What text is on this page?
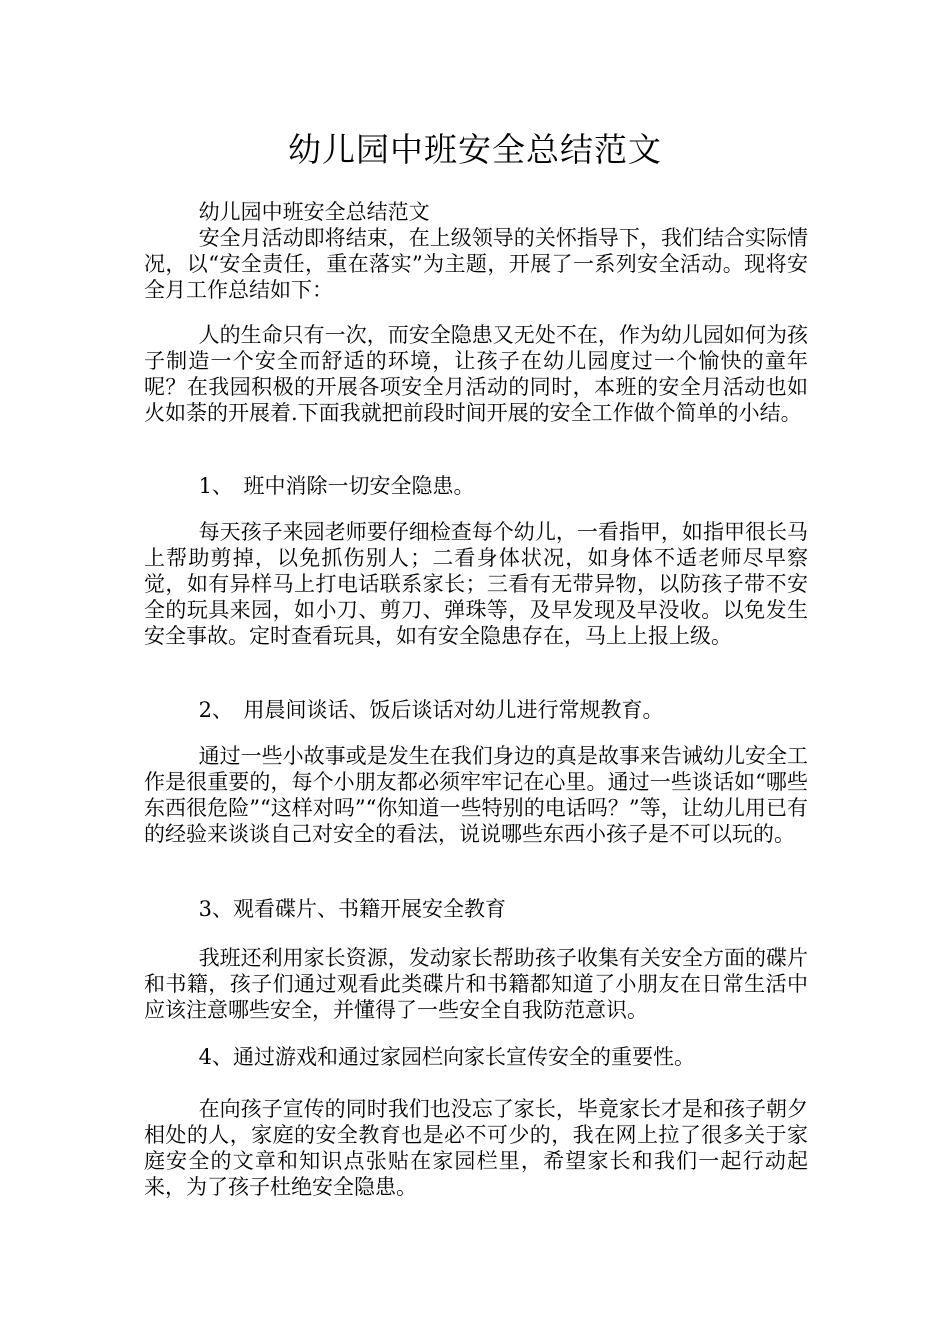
幼儿园中班安全总结范文
幼儿园中班安全总结范文
安全月活动即将结束，在上级领导的关怀指导下，我们结合实际情况，以“安全责任，重在落实”为主题，开展了一系列安全活动。现将安全月工作总结如下：
人的生命只有一次，而安全隐患又无处不在，作为幼儿园如何为孩子制造一个安全而舒适的环境，让孩子在幼儿园度过一个愉快的童年呢？在我园积极的开展各项安全月活动的同时，本班的安全月活动也如火如荼的开展着.下面我就把前段时间开展的安全工作做个简单的小结。
1、　班中消除一切安全隐患。
每天孩子来园老师要仔细检查每个幼儿，一看指甲，如指甲很长马上帮助剪掉，以免抓伤别人；二看身体状况，如身体不适老师尽早察觉，如有异样马上打电话联系家长；三看有无带异物，以防孩子带不安全的玩具来园，如小刀、剪刀、弹珠等，及早发现及早没收。以免发生安全事故。定时查看玩具，如有安全隐患存在，马上上报上级。
2、　用晨间谈话、饭后谈话对幼儿进行常规教育。
通过一些小故事或是发生在我们身边的真是故事来告诫幼儿安全工作是很重要的，每个小朋友都必须牢牢记在心里。通过一些谈话如“哪些东西很危险”“这样对吗”“你知道一些特别的电话吗？”等，让幼儿用已有的经验来谈谈自己对安全的看法，说说哪些东西小孩子是不可以玩的。
3、观看碟片、书籍开展安全教育
我班还利用家长资源，发动家长帮助孩子收集有关安全方面的碟片和书籍，孩子们通过观看此类碟片和书籍都知道了小朋友在日常生活中应该注意哪些安全，并懂得了一些安全自我防范意识。
4、通过游戏和通过家园栏向家长宣传安全的重要性。
在向孩子宣传的同时我们也没忘了家长，毕竟家长才是和孩子朝夕相处的人，家庭的安全教育也是必不可少的，我在网上拉了很多关于家庭安全的文章和知识点张贴在家园栏里，希望家长和我们一起行动起来，为了孩子杜绝安全隐患。
